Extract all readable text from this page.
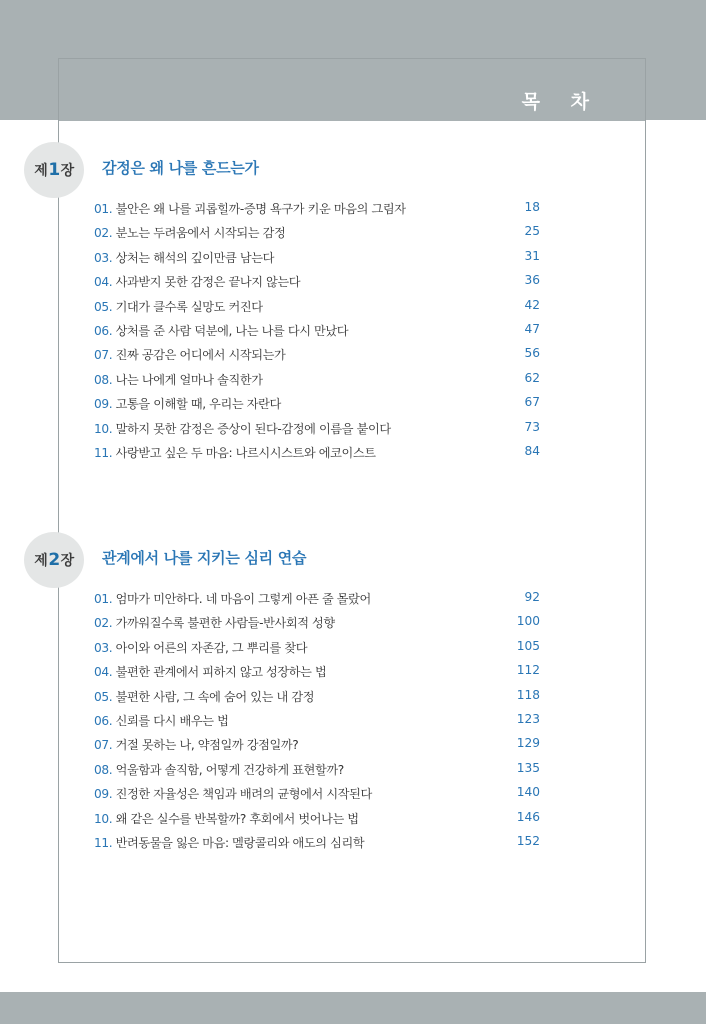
목 차
제 1 장 감정은 왜 나를 흔드는가
01. 불안은 왜 나를 괴롭힐까-증명 욕구가 키운 마음의 그림자	18
02. 분노는 두려움에서 시작되는 감정	25
03. 상처는 해석의 깊이만큼 남는다	31
04. 사과받지 못한 감정은 끝나지 않는다	36
05. 기대가 클수록 실망도 커진다	42
06. 상처를 준 사람 덕분에, 나는 나를 다시 만났다	47
07. 진짜 공감은 어디에서 시작되는가	56
08. 나는 나에게 얼마나 솔직한가	62
09. 고통을 이해할 때, 우리는 자란다	67
10. 말하지 못한 감정은 증상이 된다-감정에 이름을 붙이다	73
11. 사랑받고 싶은 두 마음: 나르시시스트와 에코이스트	84
제 2 장 관계에서 나를 지키는 심리 연습
01. 엄마가 미안하다. 네 마음이 그렇게 아픈 줄 몰랐어	92
02. 가까워질수록 불편한 사람들-반사회적 성향	100
03. 아이와 어른의 자존감, 그 뿌리를 찾다	105
04. 불편한 관계에서 피하지 않고 성장하는 법	112
05. 불편한 사람, 그 속에 숨어 있는 내 감정	118
06. 신뢰를 다시 배우는 법	123
07. 거절 못하는 나, 약점일까 강점일까?	129
08. 억울함과 솔직함, 어떻게 건강하게 표현할까?	135
09. 진정한 자율성은 책임과 배려의 균형에서 시작된다	140
10. 왜 같은 실수를 반복할까? 후회에서 벗어나는 법	146
11. 반려동물을 잃은 마음: 멜랑콜리와 애도의 심리학	152
